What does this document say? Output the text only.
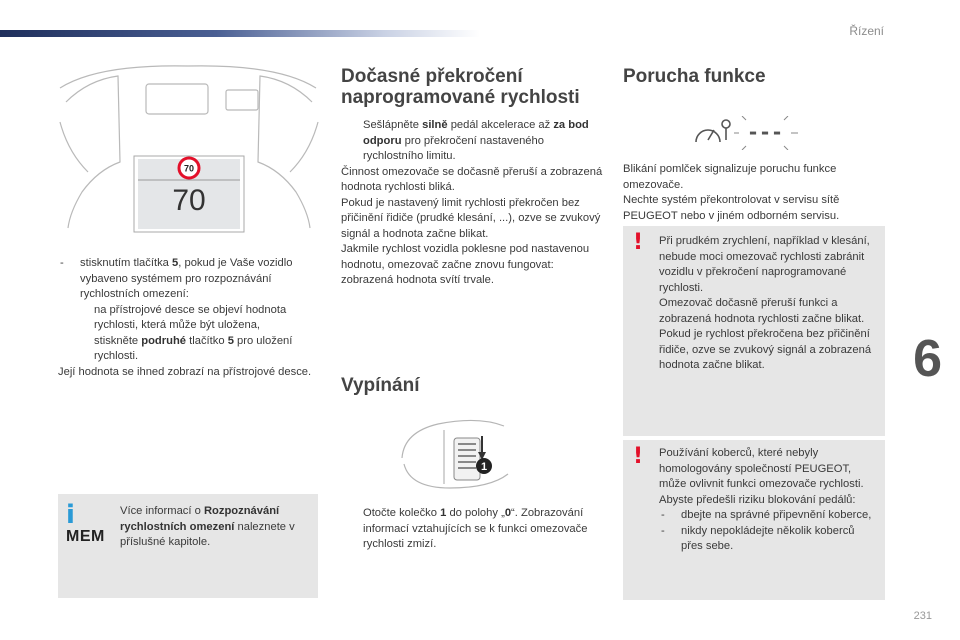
Řízení
6
231
70
70

- stisknutím tlačítka 5, pokud je Vaše vozidlo vybaveno systémem pro rozpoznávání rychlostních omezení:

na přístrojové desce se objeví hodnota rychlosti, která může být uložena,

stiskněte podruhé tlačítko 5 pro uložení rychlosti.

Její hodnota se ihned zobrazí na přístrojové desce.

i
MEM

Více informací o Rozpoznávání rychlostních omezení naleznete v příslušné kapitole.

Dočasné překročení naprogramované rychlosti

Sešlápněte silně pedál akcelerace až za bod odporu pro překročení nastaveného rychlostního limitu.

Činnost omezovače se dočasně přeruší a zobrazená hodnota rychlosti bliká.

Pokud je nastavený limit rychlosti překročen bez přičinění řidiče (prudké klesání, ...), ozve se zvukový signál a hodnota začne blikat.

Jakmile rychlost vozidla poklesne pod nastavenou hodnotu, omezovač začne znovu fungovat: zobrazená hodnota svítí trvale.

Vypínání
1

Otočte kolečko 1 do polohy „0“. Zobrazování informací vztahujících se k funkci omezovače rychlosti zmizí.

Porucha funkce
---

Blikání pomlček signalizuje poruchu funkce omezovače.

Nechte systém překontrolovat v servisu sítě PEUGEOT nebo v jiném odborném servisu.

! Při prudkém zrychlení, například v klesání, nebude moci omezovač rychlosti zabránit vozidlu v překročení naprogramované rychlosti.

Omezovač dočasně přeruší funkci a zobrazená hodnota rychlosti začne blikat.

Pokud je rychlost překročena bez přičinění řidiče, ozve se zvukový signál a zobrazená hodnota začne blikat.

! Používání koberců, které nebyly homologovány společností PEUGEOT, může ovlivnit funkci omezovače rychlosti.

Abyste předešli riziku blokování pedálů:

- dbejte na správné připevnění koberce,

- nikdy nepokládejte několik koberců přes sebe.
